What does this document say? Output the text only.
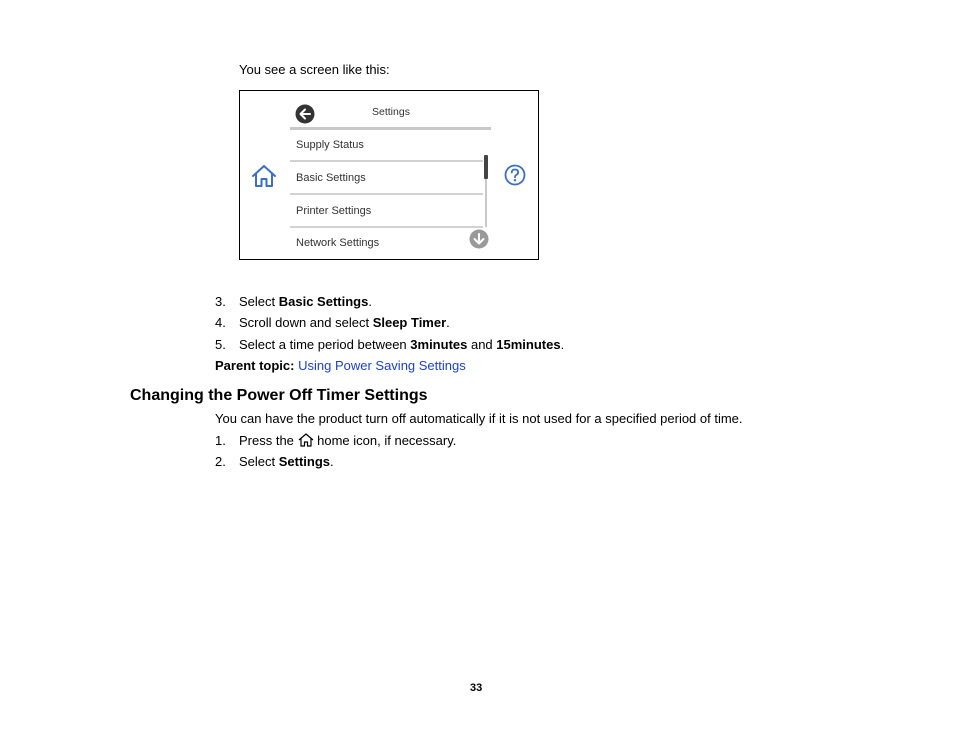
You see a screen like this:
Settings
Supply Status
Basic Settings
Printer Settings
Network Settings
3. Select Basic Settings.
4. Scroll down and select Sleep Timer.
5. Select a time period between 3minutes and 15minutes.
Parent topic: Using Power Saving Settings
Changing the Power Off Timer Settings
You can have the product turn off automatically if it is not used for a specified period of time.
1. Press the  home icon, if necessary.
2. Select Settings.
33
